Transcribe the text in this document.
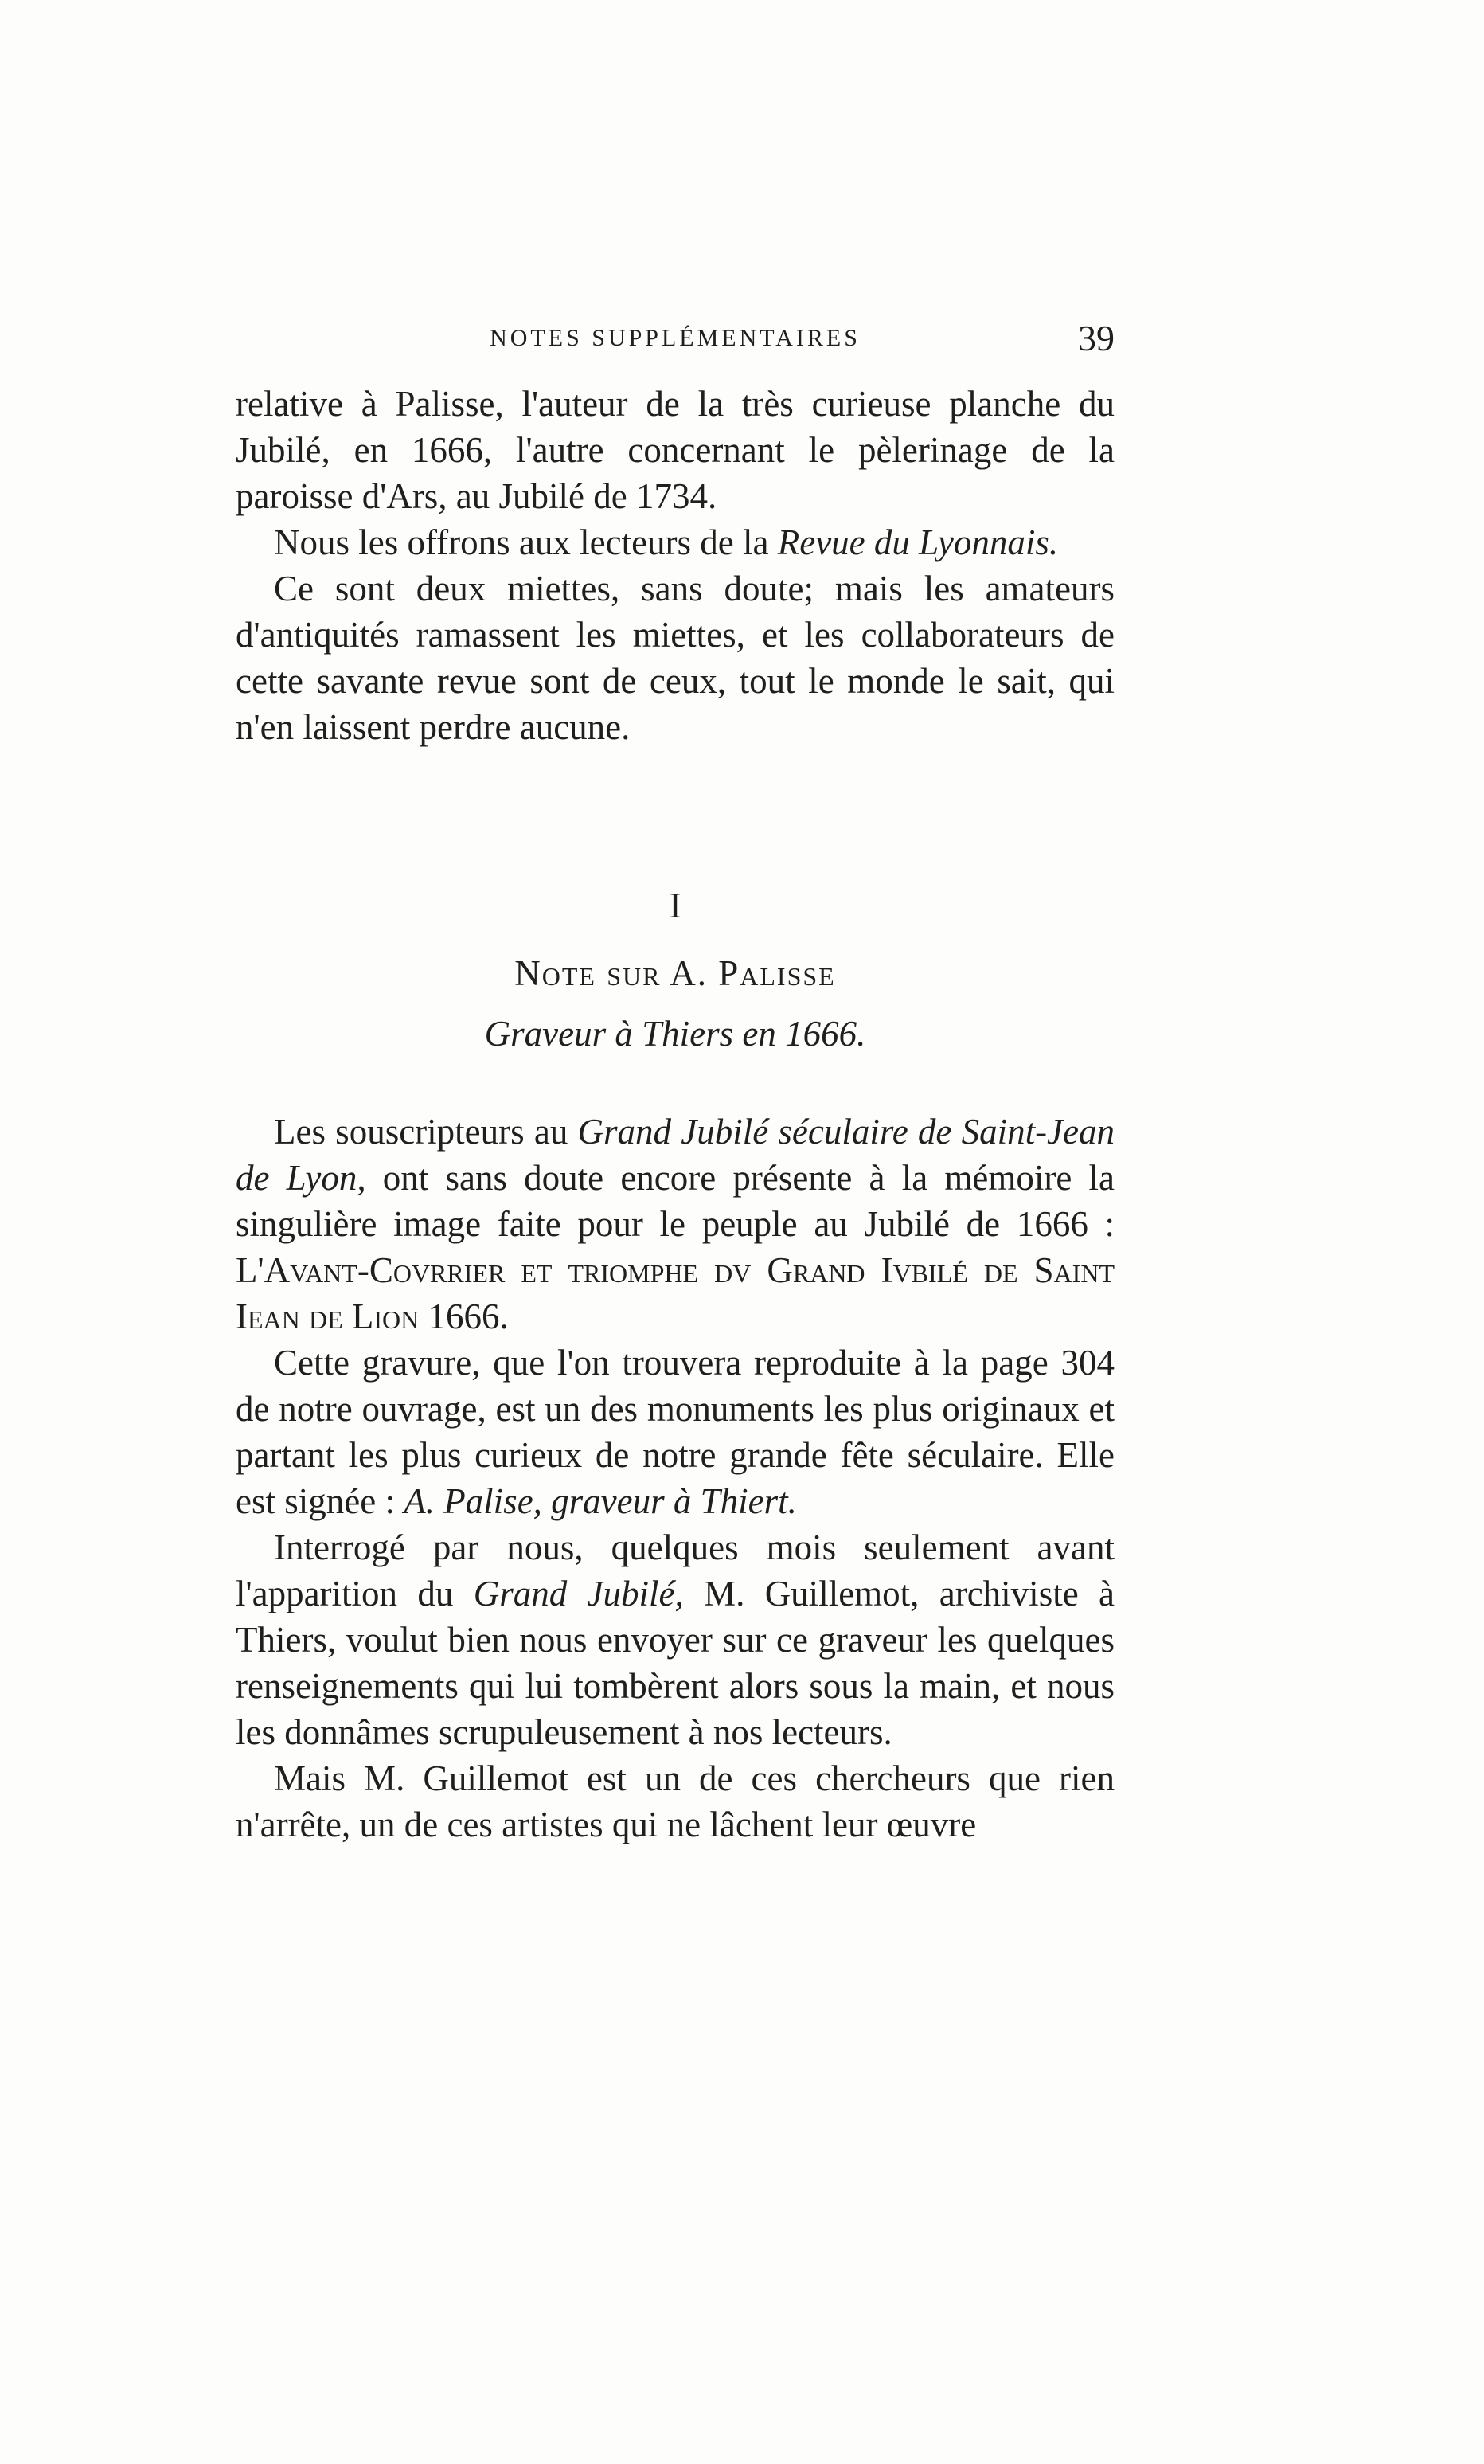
NOTES SUPPLÉMENTAIRES	39

relative à Palisse, l'auteur de la très curieuse planche du Jubilé, en 1666, l'autre concernant le pèlerinage de la paroisse d'Ars, au Jubilé de 1734.

Nous les offrons aux lecteurs de la Revue du Lyonnais.

Ce sont deux miettes, sans doute; mais les amateurs d'antiquités ramassent les miettes, et les collaborateurs de cette savante revue sont de ceux, tout le monde le sait, qui n'en laissent perdre aucune.

I
Note sur A. Palisse
Graveur à Thiers en 1666.

Les souscripteurs au Grand Jubilé séculaire de Saint-Jean de Lyon, ont sans doute encore présente à la mémoire la singulière image faite pour le peuple au Jubilé de 1666 : L'Avant-Covrrier et triomphe dv Grand Ivbilé de Saint Iean de Lion 1666.

Cette gravure, que l'on trouvera reproduite à la page 304 de notre ouvrage, est un des monuments les plus originaux et partant les plus curieux de notre grande fête séculaire. Elle est signée : A. Palise, graveur à Thiert.

Interrogé par nous, quelques mois seulement avant l'apparition du Grand Jubilé, M. Guillemot, archiviste à Thiers, voulut bien nous envoyer sur ce graveur les quelques renseignements qui lui tombèrent alors sous la main, et nous les donnâmes scrupuleusement à nos lecteurs.

Mais M. Guillemot est un de ces chercheurs que rien n'arrête, un de ces artistes qui ne lâchent leur œuvre
